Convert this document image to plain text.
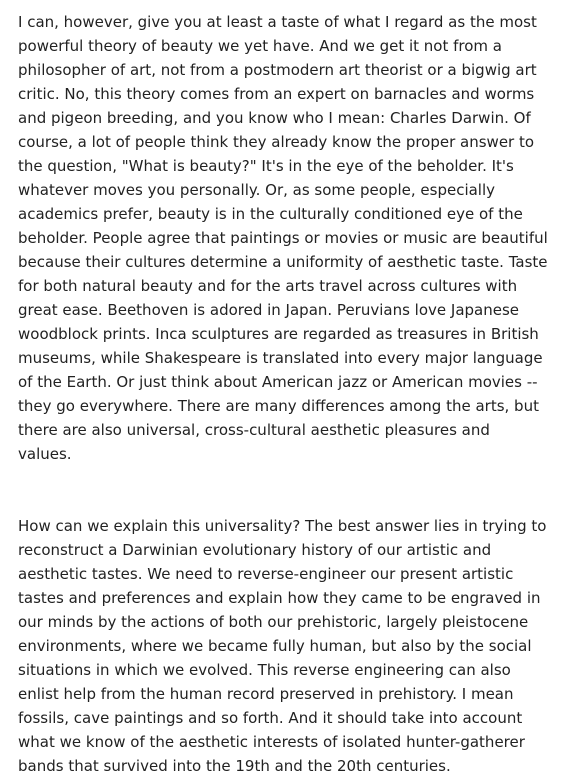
I can, however, give you at least a taste of what I regard as the most powerful theory of beauty we yet have. And we get it not from a philosopher of art, not from a postmodern art theorist or a bigwig art critic. No, this theory comes from an expert on barnacles and worms and pigeon breeding, and you know who I mean: Charles Darwin. Of course, a lot of people think they already know the proper answer to the question, "What is beauty?" It's in the eye of the beholder. It's whatever moves you personally. Or, as some people, especially academics prefer, beauty is in the culturally conditioned eye of the beholder. People agree that paintings or movies or music are beautiful because their cultures determine a uniformity of aesthetic taste. Taste for both natural beauty and for the arts travel across cultures with great ease. Beethoven is adored in Japan. Peruvians love Japanese woodblock prints. Inca sculptures are regarded as treasures in British museums, while Shakespeare is translated into every major language of the Earth. Or just think about American jazz or American movies -- they go everywhere. There are many differences among the arts, but there are also universal, cross-cultural aesthetic pleasures and values.

How can we explain this universality? The best answer lies in trying to reconstruct a Darwinian evolutionary history of our artistic and aesthetic tastes. We need to reverse-engineer our present artistic tastes and preferences and explain how they came to be engraved in our minds by the actions of both our prehistoric, largely pleistocene environments, where we became fully human, but also by the social situations in which we evolved. This reverse engineering can also enlist help from the human record preserved in prehistory. I mean fossils, cave paintings and so forth. And it should take into account what we know of the aesthetic interests of isolated hunter-gatherer bands that survived into the 19th and the 20th centuries.
